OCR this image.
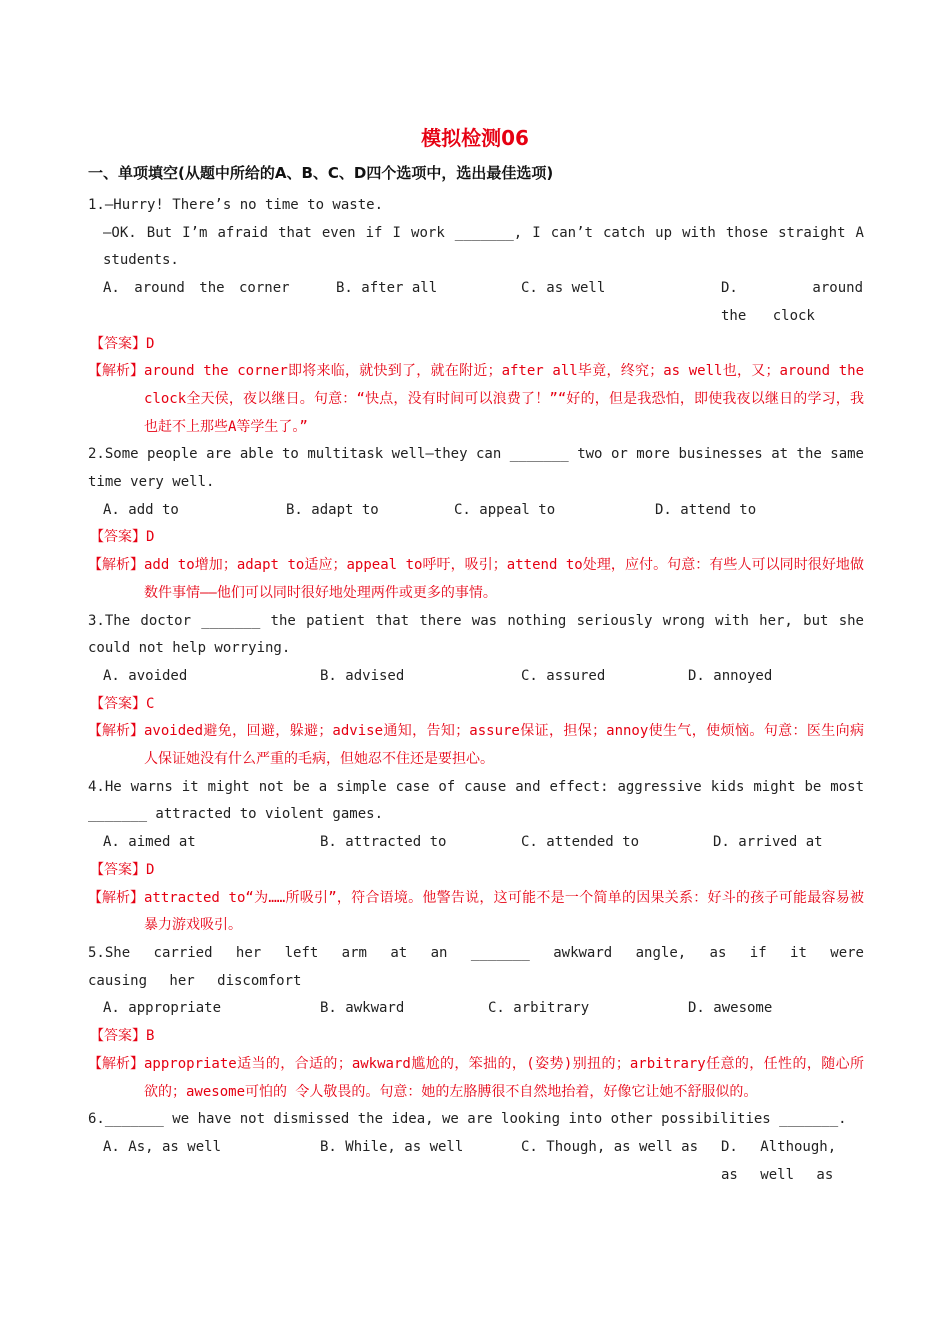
模拟检测06
一、单项填空(从题中所给的A、B、C、D四个选项中，选出最佳选项)
1.—Hurry! There’s no time to waste.
—OK. But I’m afraid that even if I work _______, I can’t catch up with those straight A students.
A. around the corner	B. after all	C. as well	D. around the clock
【答案】D
【解析】 around the corner即将来临，就快到了，就在附近；after all毕竟，终究；as well也，又；around the clock全天侯，夜以继日。句意：“快点，没有时间可以浪费了！”“好的，但是我恐怕，即使我夜以继日的学习，我也赶不上那些A等学生了。”
2.Some people are able to multitask well—they can _______ two or more businesses at the same time very well.
A. add to	B. adapt to	C. appeal to	D. attend to
【答案】D
【解析】 add to增加；adapt to适应；appeal to呼吁，吸引；attend to处理，应付。句意：有些人可以同时很好地做数件事情——他们可以同时很好地处理两件或更多的事情。
3.The doctor _______ the patient that there was nothing seriously wrong with her, but she could not help worrying.
A. avoided	B. advised	C. assured	D. annoyed
【答案】C
【解析】 avoided避免，回避，躲避；advise通知，告知；assure保证，担保；annoy使生气，使烦恼。句意：医生向病人保证她没有什么严重的毛病，但她忍不住还是要担心。
4.He warns it might not be a simple case of cause and effect: aggressive kids might be most _______ attracted to violent games.
A. aimed at	B. attracted to	C. attended to	D. arrived at
【答案】D
【解析】 attracted to“为……所吸引”，符合语境。他警告说，这可能不是一个简单的因果关系：好斗的孩子可能最容易被暴力游戏吸引。
5.She carried her left arm at an _______ awkward angle, as if it were causing her discomfort
A. appropriate	B. awkward	C. arbitrary	D. awesome
【答案】B
【解析】 appropriate适当的，合适的；awkward尴尬的，笨拙的，(姿势)别扭的；arbitrary任意的，任性的，随心所欲的；awesome可怕的 令人敬畏的。句意：她的左胳膊很不自然地抬着，好像它让她不舒服似的。
6._______ we have not dismissed the idea, we are looking into other possibilities _______.
A. As, as well	B. While, as well	C. Though, as well as	D. Although, as well as
